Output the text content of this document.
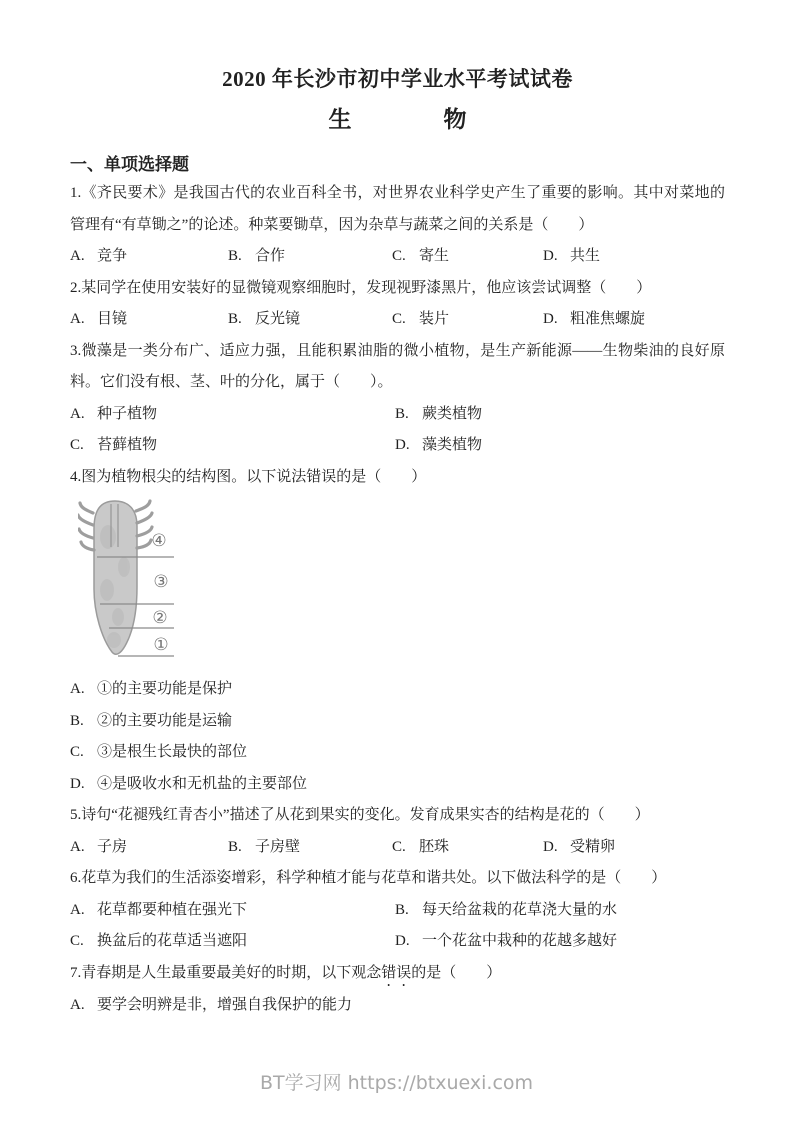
2020 年长沙市初中学业水平考试试卷
生	物
一、单项选择题
1.《齐民要术》是我国古代的农业百科全书，对世界农业科学史产生了重要的影响。其中对菜地的管理有“有草锄之”的论述。种菜要锄草，因为杂草与蔬菜之间的关系是（　　）
A. 竞争	B. 合作	C. 寄生	D. 共生
2.某同学在使用安装好的显微镜观察细胞时，发现视野漆黑片，他应该尝试调整（　　）
A. 目镜	B. 反光镜	C. 装片	D. 粗准焦螺旋
3.微藻是一类分布广、适应力强，且能积累油脂的微小植物，是生产新能源——生物柴油的良好原料。它们没有根、茎、叶的分化，属于（　　）。
A. 种子植物	B. 蕨类植物
C. 苔藓植物	D. 藻类植物
4.图为植物根尖的结构图。以下说法错误的是（　　）
④
③
②
①
A. ①的主要功能是保护
B. ②的主要功能是运输
C. ③是根生长最快的部位
D. ④是吸收水和无机盐的主要部位
5.诗句“花褪残红青杏小”描述了从花到果实的变化。发育成果实杏的结构是花的（　　）
A. 子房	B. 子房壁	C. 胚珠	D. 受精卵
6.花草为我们的生活添姿增彩，科学种植才能与花草和谐共处。以下做法科学的是（　　）
A. 花草都要种植在强光下	B. 每天给盆栽的花草浇大量的水
C. 换盆后的花草适当遮阳	D. 一个花盆中栽种的花越多越好
7.青春期是人生最重要最美好的时期，以下观念错误的是（　　）
A. 要学会明辨是非，增强自我保护的能力
BT学习网 https://btxuexi.com
